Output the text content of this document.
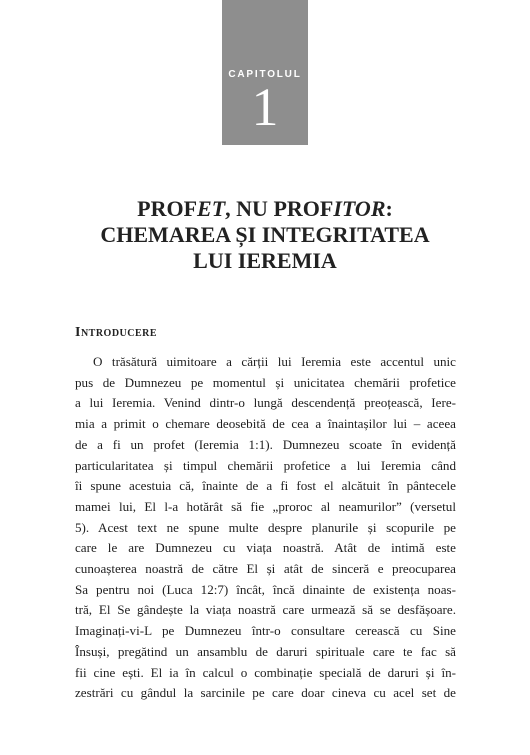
CAPITOLUL
1
PROFET, NU PROFITOR:
CHEMAREA ȘI INTEGRITATEA
LUI IEREMIA
Introducere
O trăsătură uimitoare a cărții lui Ieremia este accentul unic
pus de Dumnezeu pe momentul și unicitatea chemării profetice
a lui Ieremia. Venind dintr-o lungă descendență preoțească, Iere-
mia a primit o chemare deosebită de cea a înaintașilor lui – aceea
de a fi un profet (Ieremia 1:1). Dumnezeu scoate în evidență
particularitatea și timpul chemării profetice a lui Ieremia când
îi spune acestuia că, înainte de a fi fost el alcătuit în pântecele
mamei lui, El l-a hotărât să fie „proroc al neamurilor” (versetul
5). Acest text ne spune multe despre planurile și scopurile pe
care le are Dumnezeu cu viața noastră. Atât de intimă este
cunoașterea noastră de către El și atât de sinceră e preocuparea
Sa pentru noi (Luca 12:7) încât, încă dinainte de existența noas-
tră, El Se gândește la viața noastră care urmează să se desfășoare.
Imaginați-vi-L pe Dumnezeu într-o consultare cerească cu Sine
Însuși, pregătind un ansamblu de daruri spirituale care te fac să
fii cine ești. El ia în calcul o combinație specială de daruri și în-
zestrări cu gândul la sarcinile pe care doar cineva cu acel set de
